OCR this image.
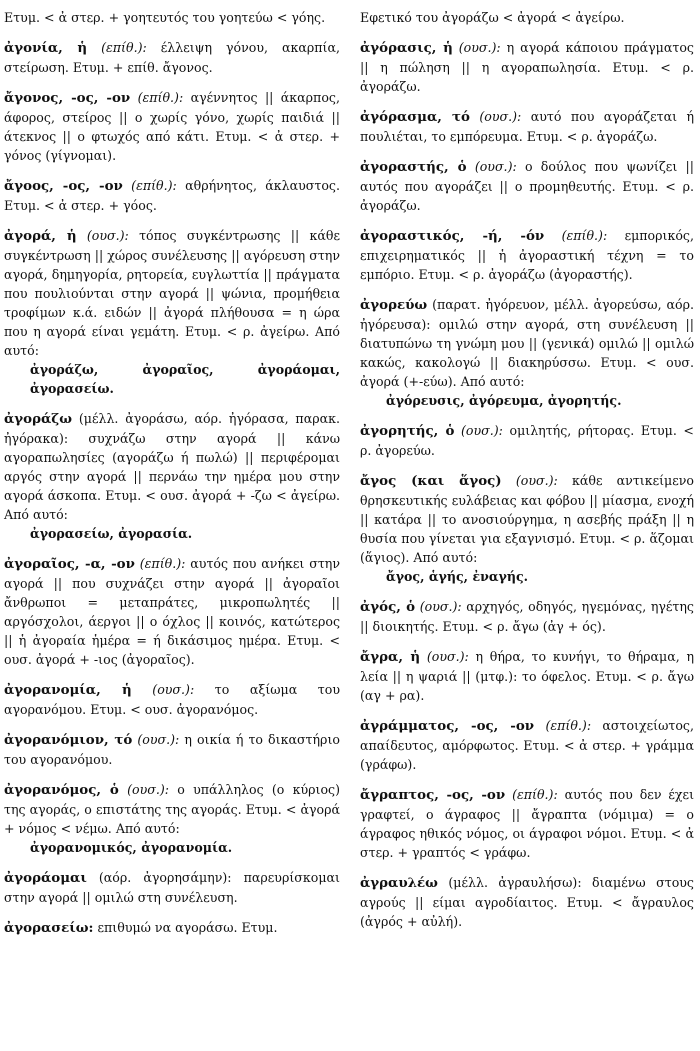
Ετυμ. < ἀ στερ. + γοητευτός του γοητεύω < γόης.

ἀγονία, ἡ (επίθ.): έλλειψη γόνου, ακαρπία, στείρωση. Ετυμ. + επίθ. ἄγονος.

ἄγονος, -ος, -ον (επίθ.): αγέννητος || άκαρπος, άφορος, στείρος || ο χωρίς γόνο, χωρίς παιδιά || άτεκνος || ο φτωχός από κάτι. Ετυμ. < ἀ στερ. + γόνος (γίγνομαι).

ἄγοος, -ος, -ον (επίθ.): αθρήνητος, άκλαυστος. Ετυμ. < ἀ στερ. + γόος.

ἀγορά, ἡ (ουσ.): τόπος συγκέντρωσης || κάθε συγκέντρωση || χώρος συνέλευσης || αγόρευση στην αγορά, δημηγορία, ρητορεία, ευγλωττία || πράγματα που πουλιούνται στην αγορά || ψώνια, προμήθεια τροφίμων κ.ά. ειδών || ἀγορά πλήθουσα = η ώρα που η αγορά είναι γεμάτη. Ετυμ. < ρ. ἀγείρω. Από αυτό:
ἀγοράζω, ἀγοραῖος, ἀγοράομαι, ἀγορασείω.

ἀγοράζω (μέλλ. ἀγοράσω, αόρ. ἠγόρασα, παρακ. ἠγόρακα): συχνάζω στην αγορά || κάνω αγοραπωλησίες (αγοράζω ή πωλώ) || περιφέρομαι αργός στην αγορά || περνάω την ημέρα μου στην αγορά άσκοπα. Ετυμ. < ουσ. ἀγορά + -ζω < ἀγείρω. Από αυτό:
ἀγορασείω, ἀγορασία.

ἀγοραῖος, -α, -ον (επίθ.): αυτός που ανήκει στην αγορά || που συχνάζει στην αγορά || ἀγοραῖοι ἄνθρωποι = μεταπράτες, μικροπωλητές || αργόσχολοι, άεργοι || ο όχλος || κοινός, κατώτερος || ἡ ἀγοραία ἡμέρα = ή δικάσιμος ημέρα. Ετυμ. < ουσ. ἀγορά + -ιος (ἀγοραῖος).

ἀγορανομία, ἡ (ουσ.): το αξίωμα του αγορανόμου. Ετυμ. < ουσ. ἀγορανόμος.

ἀγορανόμιον, τό (ουσ.): η οικία ή το δικαστήριο του αγορανόμου.

ἀγορανόμος, ὁ (ουσ.): ο υπάλληλος (ο κύριος) της αγοράς, ο επιστάτης της αγοράς. Ετυμ. < ἀγορά + νόμος < νέμω. Από αυτό:
ἀγορανομικός, ἀγορανομία.

ἀγοράομαι (αόρ. ἀγορησάμην): παρευρίσκομαι στην αγορά || ομιλώ στη συνέλευση.

ἀγορασείω: επιθυμώ να αγοράσω. Ετυμ.

Εφετικό του ἀγοράζω < ἀγορά < ἀγείρω.

ἀγόρασις, ἡ (ουσ.): η αγορά κάποιου πράγματος || η πώληση || η αγοραπωλησία. Ετυμ. < ρ. ἀγοράζω.

ἀγόρασμα, τό (ουσ.): αυτό που αγοράζεται ή πουλιέται, το εμπόρευμα. Ετυμ. < ρ. ἀγοράζω.

ἀγοραστής, ὁ (ουσ.): ο δούλος που ψωνίζει || αυτός που αγοράζει || ο προμηθευτής. Ετυμ. < ρ. ἀγοράζω.

ἀγοραστικός, -ή, -όν (επίθ.): εμπορικός, επιχειρηματικός || ἡ ἀγοραστική τέχνη = το εμπόριο. Ετυμ. < ρ. ἀγοράζω (ἀγοραστής).

ἀγορεύω (παρατ. ἠγόρευον, μέλλ. ἀγορεύσω, αόρ. ἠγόρευσα): ομιλώ στην αγορά, στη συνέλευση || διατυπώνω τη γνώμη μου || (γενικά) ομιλώ || ομιλώ κακώς, κακολογώ || διακηρύσσω. Ετυμ. < ουσ. ἀγορά (+-εύω). Από αυτό:
ἀγόρευσις, ἀγόρευμα, ἀγορητής.

ἀγορητής, ὁ (ουσ.): ομιλητής, ρήτορας. Ετυμ. < ρ. ἀγορεύω.

ἄγος (και ἅγος) (ουσ.): κάθε αντικείμενο θρησκευτικής ευλάβειας και φόβου || μίασμα, ενοχή || κατάρα || το ανοσιούργημα, η ασεβής πράξη || η θυσία που γίνεται για εξαγνισμό. Ετυμ. < ρ. ἅζομαι (ἅγιος). Από αυτό:
ἄγος, ἁγής, ἐναγής.

ἀγός, ὁ (ουσ.): αρχηγός, οδηγός, ηγεμόνας, ηγέτης || διοικητής. Ετυμ. < ρ. ἄγω (ἀγ + ός).

ἄγρα, ἡ (ουσ.): η θήρα, το κυνήγι, το θήραμα, η λεία || η ψαριά || (μτφ.): το όφελος. Ετυμ. < ρ. ἄγω (αγ + ρα).

ἀγράμματος, -ος, -ον (επίθ.): αστοιχείωτος, απαίδευτος, αμόρφωτος. Ετυμ. < ἀ στερ. + γράμμα (γράφω).

ἄγραπτος, -ος, -ον (επίθ.): αυτός που δεν έχει γραφτεί, ο άγραφος || ἄγραπτα (νόμιμα) = ο άγραφος ηθικός νόμος, οι άγραφοι νόμοι. Ετυμ. < ἀ στερ. + γραπτός < γράφω.

ἀγραυλέω (μέλλ. ἀγραυλήσω): διαμένω στους αγρούς || είμαι αγροδίαιτος. Ετυμ. < ἄγραυλος (ἀγρός + αὐλή).
